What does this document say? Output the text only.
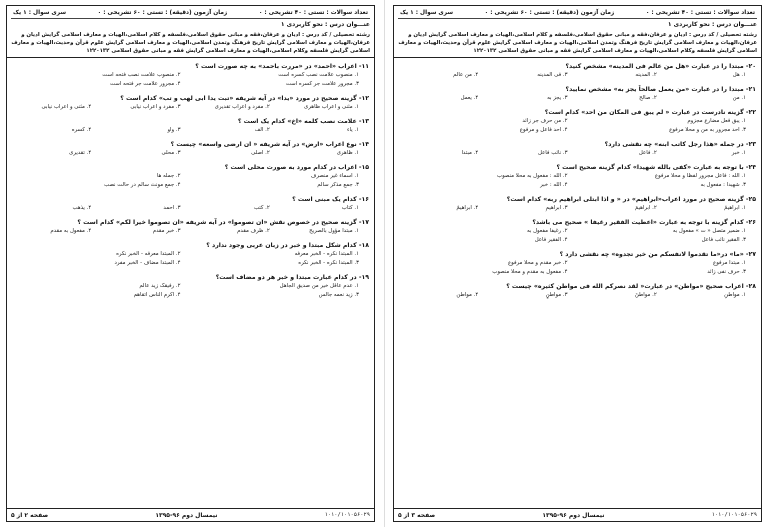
تعداد سوالات : تستی : ۴۰ تشریحی : ۰
زمان آزمون (دقیقه) : تستی : ۶۰ تشریحی : ۰
سری سوال : ۱ یک
عنـــوان درس : نحو کاربردی ۱
رشته تحصیلی / کد درس : ادیان و عرفان،فقه و مبانی حقوق اسلامی،فلسفه و کلام اسلامی،الهیات و معارف اسلامی گرایش ادیان و عرفان،الهیات و معارف اسلامی گرایش تاریخ فرهنگ وتمدن اسلامی،الهیات و معارف اسلامی گرایش علوم قرآن وحدیث،الهیات و معارف اسلامی گرایش فلسفه وکلام اسلامی،الهیات و معارف اسلامی گرایش فقه و مبانی حقوق اسلامی ۱۲۲۰۱۳۲
۱۱- اعراب «احمد» در «مررت باحمد» به چه صورت است ؟
۱. منصوب علامت نصب کسره است
۲. منصوب علامت نصب فتحه است
۳. مجرور علامت جر کسره است
۴. مجرور علامت جر فتحه است
۱۲- گزینه صحیح در مورد «یدا» در آیه شریفه «تبت یدا ابی لهب و تب» کدام است ؟
۱. مثنی و اعراب ظاهری
۲. مفرد و اعراب تقدیری
۳. مفرد و اعراب نیابی
۴. مثنی و اعراب نیابی
۱۳- علامت نصب کلمه «اخ» کدام یک است ؟
۱. یاء
۲. الف
۳. واو
۴. کسره
۱۴- نوع اعراب «ارض» در آیه شریفه « ان ارضی واسعه» چیست ؟
۱. ظاهری
۲. اصلی
۳. محلی
۴. تقدیری
۱۵- اعراب در کدام مورد به صورت محلی است ؟
۱. اسماء غیر منصرف
۲. جمله ها
۳. جمع مذکر سالم
۴. جمع مونث سالم در حالت نصب
۱۶- کدام یک مبنی است ؟
۱. کتاب
۲. کتب
۳. احمد
۴. یذهب
۱۷- گزینه صحیح در خصوص نقش «ان تصوموا» در آیه شریفه «ان تصوموا خیرا لکم» کدام است ؟
۱. مبتدا مؤول بالصریح
۲. ظرف مقدم
۳. خبر مقدم
۴. مفعول به مقدم
۱۸- کدام شکل مبتدا و خبر در زبان عربی وجود ندارد ؟
۱. المبتدا نکره - الخبر معرفه
۲. المبتدا معرفه - الخبر نکره
۳. المبتدا نکره - الخبر نکره
۴. المبتدا مضاف - الخبر مفرد
۱۹- در کدام عبارت مبتدا و خبر هر دو مضاف است؟
۱. عدم عاقل خیر من صدیق الجاهل
۲. رفیقک زید عالم
۳. زید نعمه جالس
۴. اکرم الناس اتقاهم
۱۰۱۰/۱۰۱۰۵۶۰۲۹
نیمسال دوم ۹۶-۱۳۹۵
صفحه ۲ از ۵
تعداد سوالات : تستی : ۴۰ تشریحی : ۰
زمان آزمون (دقیقه) : تستی : ۶۰ تشریحی : ۰
سری سوال : ۱ یک
عنـــوان درس : نحو کاربردی ۱
رشته تحصیلی / کد درس : ادیان و عرفان،فقه و مبانی حقوق اسلامی،فلسفه و کلام اسلامی،الهیات و معارف اسلامی گرایش ادیان و عرفان،الهیات و معارف اسلامی گرایش تاریخ فرهنگ وتمدن اسلامی،الهیات و معارف اسلامی گرایش علوم قرآن وحدیث،الهیات و معارف اسلامی گرایش فلسفه وکلام اسلامی،الهیات و معارف اسلامی گرایش فقه و مبانی حقوق اسلامی ۱۲۲۰۱۳۲
۲۰- مبتدا را در عبارت «هل من عالم فی المدینه» مشخص کنید؟
۱. هل
۲. المدینه
۳. فی المدینه
۴. من عالم
۲۱- مبتدا را در عبارت «من یعمل صالحاً یجز به» مشخص نمایید؟
۱. من
۲. صالح
۳. یجز به
۴. یعمل
۲۲- گزینه نادرست در عبارت « لم یبق فی المکان من احد» کدام است؟
۱. یبق فعل مضارع مجزوم
۲. من حرف جر زائد
۳. احد مجرور به من و محلا مرفوع
۴. احد فاعل و مرفوع
۲۳- در جمله «هذا رجل کاتب ابنه» چه نقشی دارد؟
۱. خبر
۲. فاعل
۳. نائب فاعل
۴. مبتدا
۲۴- با توجه به عبارت «کفی بالله شهیدا» کدام گزینه صحیح است ؟
۱. الله : فاعل مجرور لفظا و محلا مرفوع
۲. الله : مفعول به محلا منصوب
۳. شهیدا : مفعول به
۴. الله : خبر
۲۵- گزینه صحیح در مورد اعراب«ابراهیم» در « و اذا ابتلی ابراهیم ربه» کدام است؟
۱. ابراهیمُ
۲. ابراهیمَ
۳. ابراهیمِ
۴. ابراهیمٌ
۲۶- کدام گزینه با توجه به عبارت «اعطیت الفقیر رغیفا » صحیح می باشد؟
۱. ضمیر متصل « ت » مفعول به
۲. رغیفا مفعول به
۳. الفقیر نائب فاعل
۴. الفقیر فاعل
۲۷- «ما» در«ما تقدموا لانفسکم من خیر تجدوه» چه نقشی دارد ؟
۱. مبتدا مرفوع
۲. خبر مقدم و محلا مرفوع
۳. حرف نفی زائد
۴. مفعول به مقدم و محلا منصوب
۲۸- اعراب صحیح «مواطن» در عبارت« لقد نصرکم الله فی مواطن کثیره» چیست ؟
۱. مواطنِ
۲. مواطنَ
۳. مواطنٍ
۴. مواطن
۱۰۱۰/۱۰۱۰۵۶۰۲۹
نیمسال دوم ۹۶-۱۳۹۵
صفحه ۳ از ۵
